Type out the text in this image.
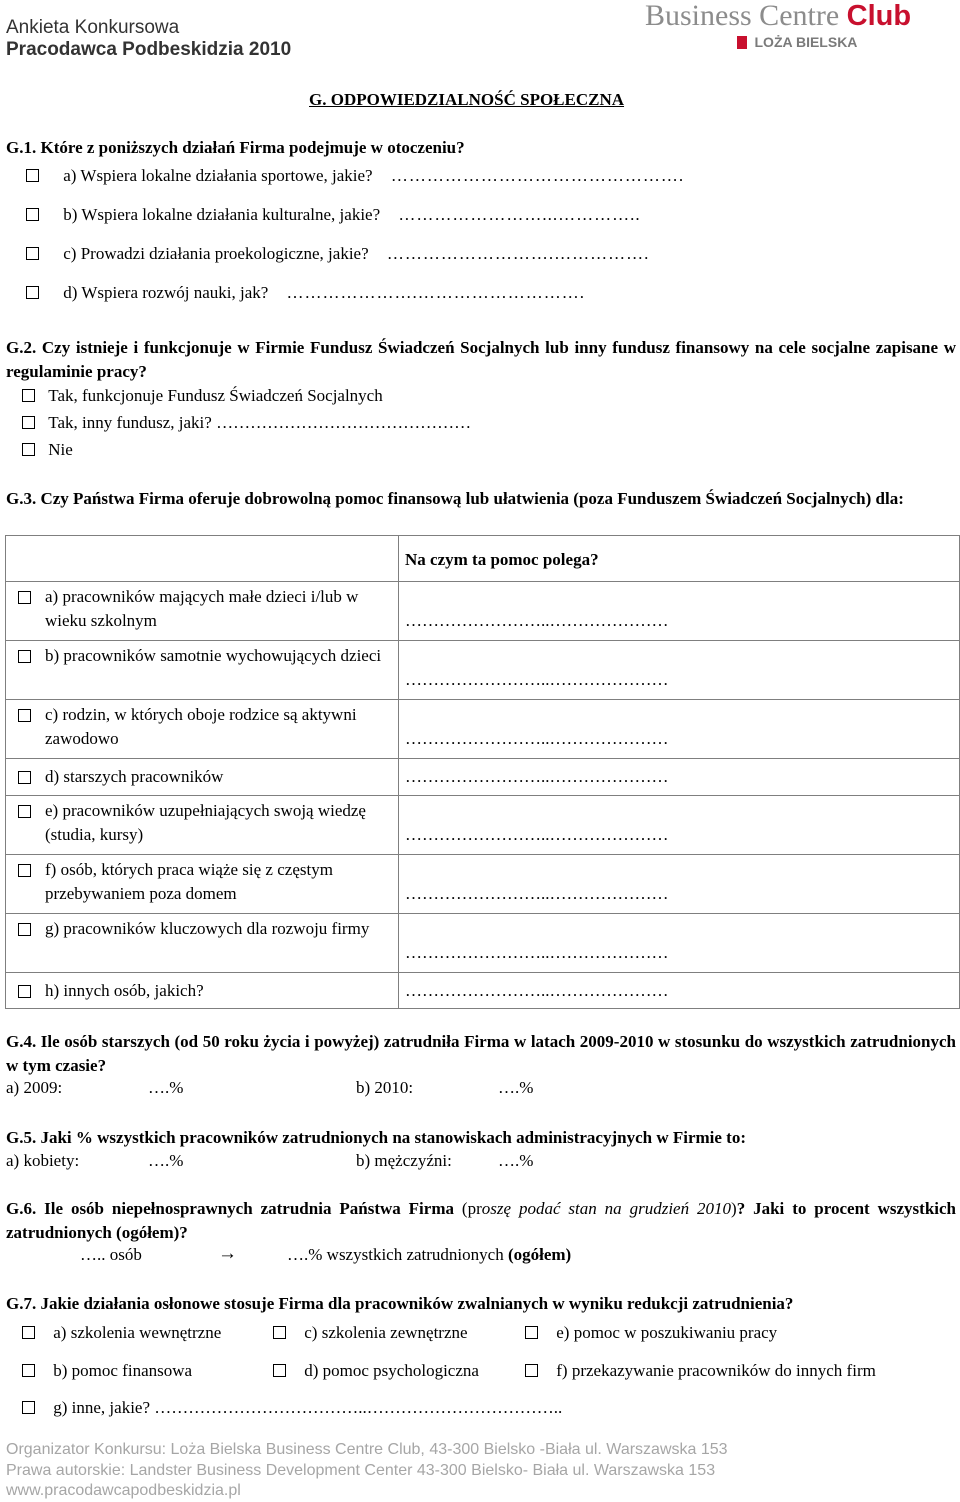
Ankieta Konkursowa
Pracodawca Podbeskidzia 2010
Business Centre Club
LOŻA BIELSKA
G. ODPOWIEDZIALNOŚĆ SPOŁECZNA
G.1. Które z poniższych działań Firma podejmuje w otoczeniu?
a) Wspiera lokalne działania sportowe, jakie? ………………………………………….
b) Wspiera lokalne działania kulturalne, jakie? ……………………...…………..
c) Prowadzi działania proekologiczne, jakie? ……………………….…………….
d) Wspiera rozwój nauki, jak? ………………….……………………….
G.2. Czy istnieje i funkcjonuje w Firmie Fundusz Świadczeń Socjalnych lub inny fundusz finansowy na cele socjalne zapisane w regulaminie pracy?
Tak, funkcjonuje Fundusz Świadczeń Socjalnych
Tak, inny fundusz, jaki? ………………………………………
Nie
G.3. Czy Państwa Firma oferuje dobrowolną pomoc finansową lub ułatwienia (poza Funduszem Świadczeń Socjalnych) dla:

	Na czym ta pomoc polega?

a) pracowników mających małe dzieci i/lub w wieku szkolnym	……………………..…………………

b) pracowników samotnie wychowujących dzieci	……………………..…………………

c) rodzin, w których oboje rodzice są aktywni zawodowo	……………………..…………………

d) starszych pracowników	……………………..…………………

e) pracowników uzupełniających swoją wiedzę (studia, kursy)	……………………..…………………

f) osób, których praca wiąże się z częstym przebywaniem poza domem	……………………..…………………

g) pracowników kluczowych dla rozwoju firmy	……………………..…………………

h) innych osób, jakich?	……………………..…………………
G.4. Ile osób starszych (od 50 roku życia i powyżej) zatrudniła Firma w latach 2009-2010 w stosunku do wszystkich zatrudnionych w tym czasie?
a) 2009:	….%	b) 2010:	….%
G.5. Jaki % wszystkich pracowników zatrudnionych na stanowiskach administracyjnych w Firmie to:
a) kobiety:	….%	b) mężczyźni:	….%
G.6. Ile osób niepełnosprawnych zatrudnia Państwa Firma (proszę podać stan na grudzień 2010)? Jaki to procent wszystkich zatrudnionych (ogółem)?
….. osób	→	….% wszystkich zatrudnionych (ogółem)
G.7. Jakie działania osłonowe stosuje Firma dla pracowników zwalnianych w wyniku redukcji zatrudnienia?
a) szkolenia wewnętrzne	c) szkolenia zewnętrzne	e) pomoc w poszukiwaniu pracy
b) pomoc finansowa	d) pomoc psychologiczna	f) przekazywanie pracowników do innych firm
g) inne, jakie? ………………………………..……………………………..
Organizator Konkursu: Loża Bielska Business Centre Club, 43-300 Bielsko -Biała ul. Warszawska 153
Prawa autorskie: Landster Business Development Center 43-300 Bielsko- Biała ul. Warszawska 153
www.pracodawcapodbeskidzia.pl
